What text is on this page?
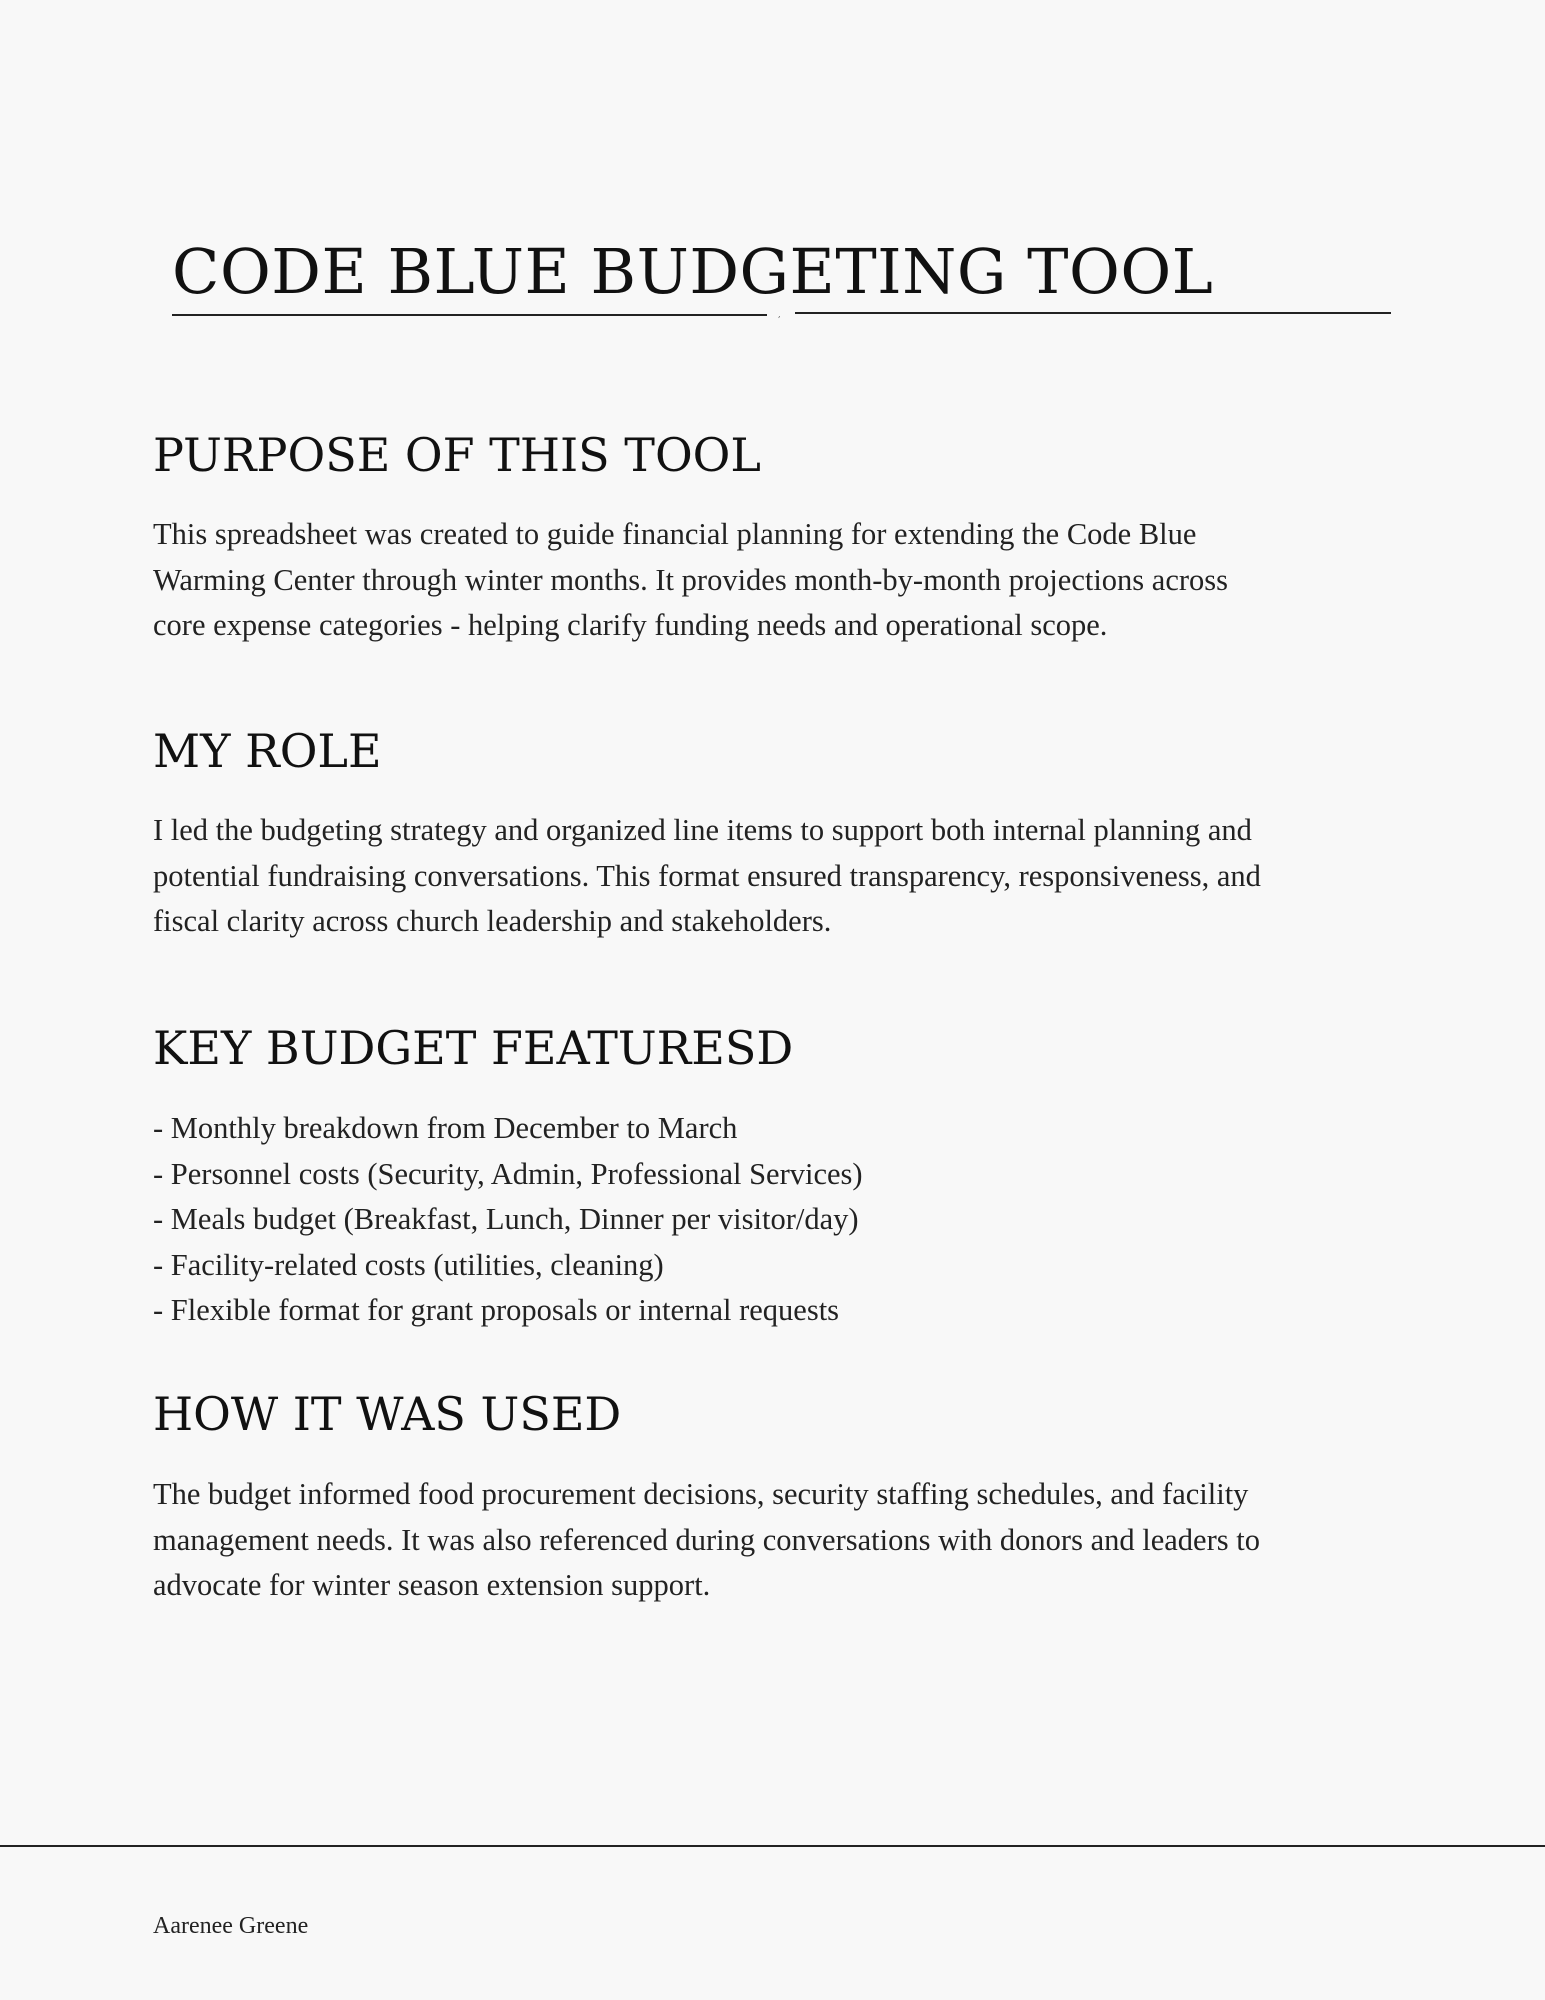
CODE BLUE BUDGETING TOOL
,
PURPOSE OF THIS TOOL

This spreadsheet was created to guide financial planning for extending the Code Blue
Warming Center through winter months. It provides month-by-month projections across
core expense categories - helping clarify funding needs and operational scope.

MY ROLE

I led the budgeting strategy and organized line items to support both internal planning and
potential fundraising conversations. This format ensured transparency, responsiveness, and
fiscal clarity across church leadership and stakeholders.

KEY BUDGET FEATURESD
- Monthly breakdown from December to March
- Personnel costs (Security, Admin, Professional Services)
- Meals budget (Breakfast, Lunch, Dinner per visitor/day)
- Facility-related costs (utilities, cleaning)
- Flexible format for grant proposals or internal requests
HOW IT WAS USED

The budget informed food procurement decisions, security staffing schedules, and facility
management needs. It was also referenced during conversations with donors and leaders to
advocate for winter season extension support.

Aarenee Greene
